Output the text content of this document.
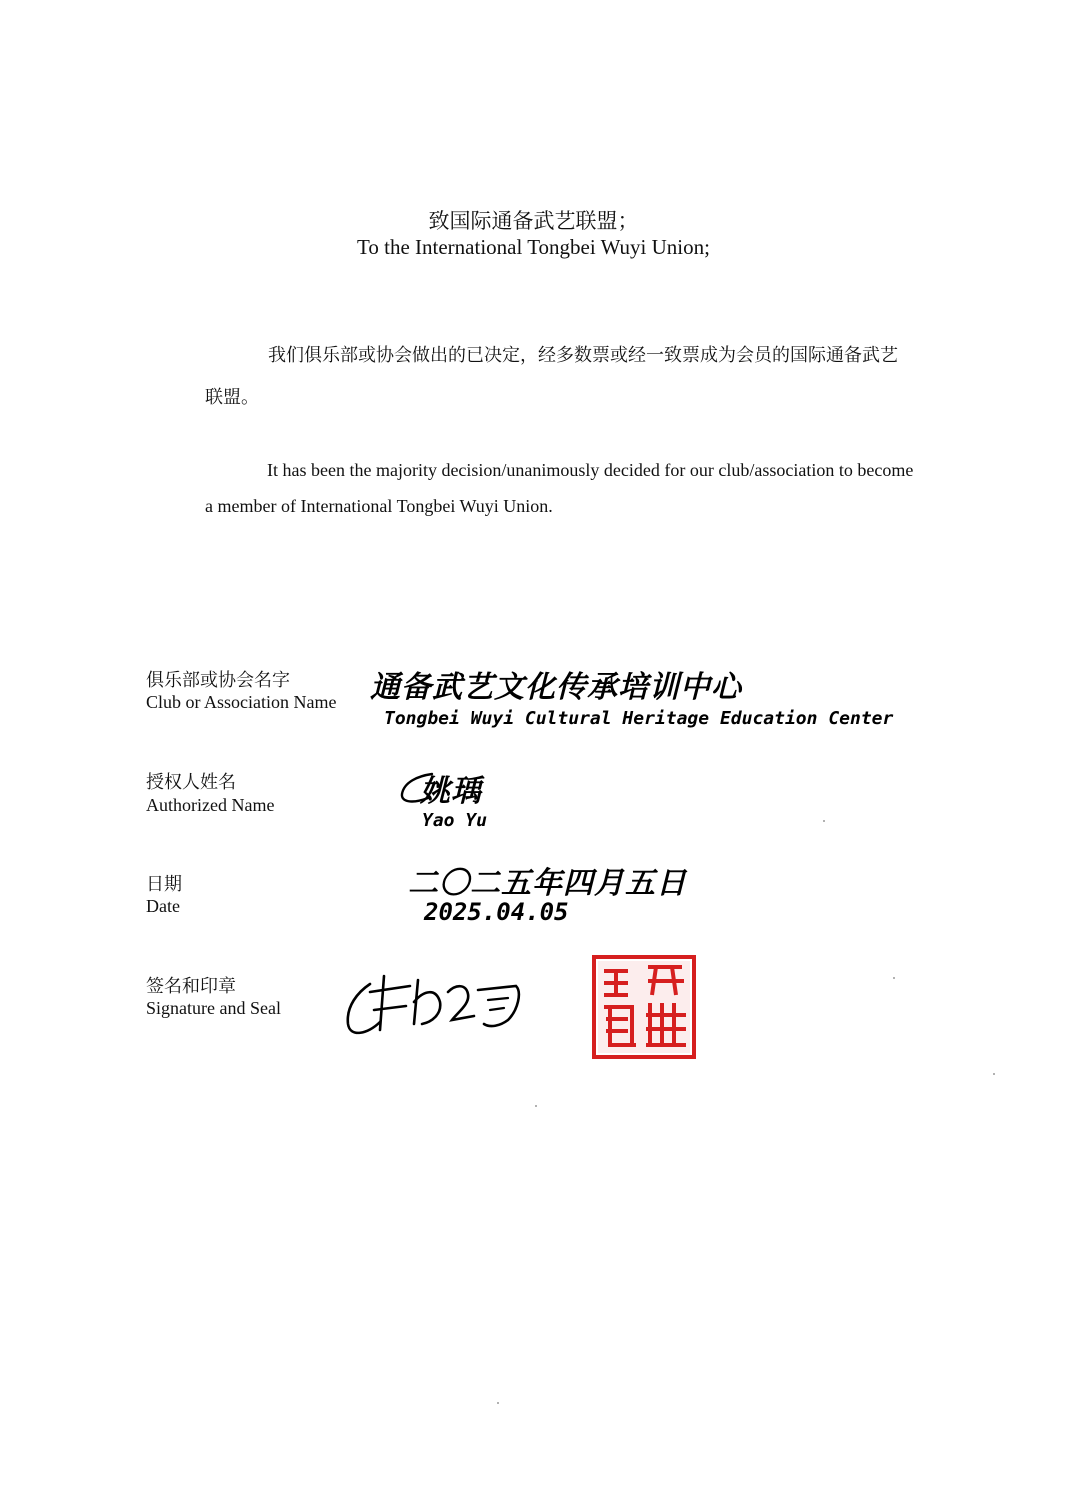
致国际通备武艺联盟；
To the International Tongbei Wuyi Union;

我们俱乐部或协会做出的已决定，经多数票或经一致票成为会员的国际通备武艺联盟。

It has been the majority decision/unanimously decided for our club/association to become a member of International Tongbei Wuyi Union.

俱乐部或协会名字
Club or Association Name 通备武艺文化传承培训中心
Tongbei Wuyi Cultural Heritage Education Center
授权人姓名
Authorized Name	姚瑀
Yao Yu
日期
Date
二〇二五年四月五日
2025.04.05
签名和印章
Signature and Seal
